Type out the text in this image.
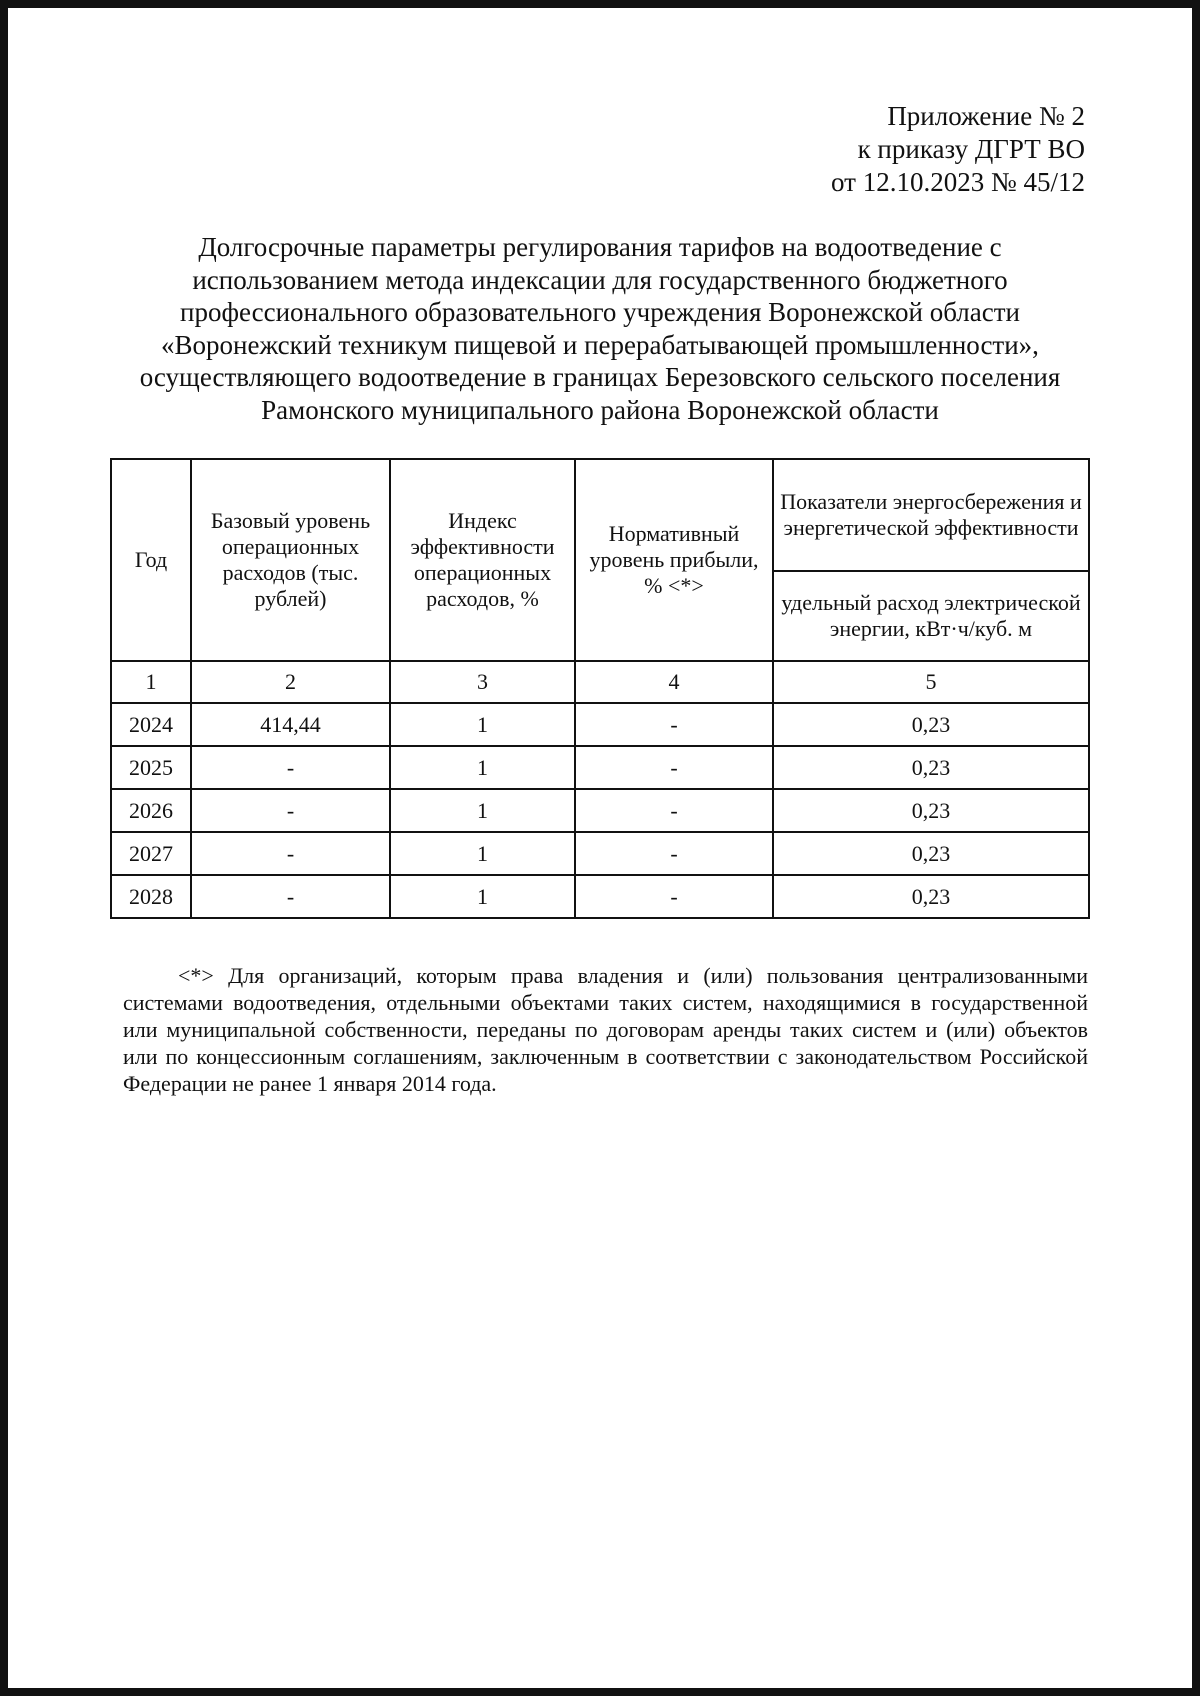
Приложение № 2
к приказу ДГРТ ВО
от 12.10.2023 № 45/12
Долгосрочные параметры регулирования тарифов на водоотведение с
использованием метода индексации для государственного бюджетного
профессионального образовательного учреждения Воронежской области
«Воронежский техникум пищевой и перерабатывающей промышленности»,
осуществляющего водоотведение в границах Березовского сельского поселения
Рамонского муниципального района Воронежской области
Год	Базовый уровень операционных расходов (тыс. рублей)	Индекс эффективности операционных расходов, %	Нормативный уровень прибыли, % <*>	Показатели энергосбережения и энергетической эффективности
				удельный расход электрической энергии, кВт·ч/куб. м
1	2	3	4	5
2024	414,44	1	-	0,23
2025	-	1	-	0,23
2026	-	1	-	0,23
2027	-	1	-	0,23
2028	-	1	-	0,23

<*> Для организаций, которым права владения и (или) пользования централизованными системами водоотведения, отдельными объектами таких систем, находящимися в государственной или муниципальной собственности, переданы по договорам аренды таких систем и (или) объектов или по концессионным соглашениям, заключенным в соответствии с законодательством Российской Федерации не ранее 1 января 2014 года.
